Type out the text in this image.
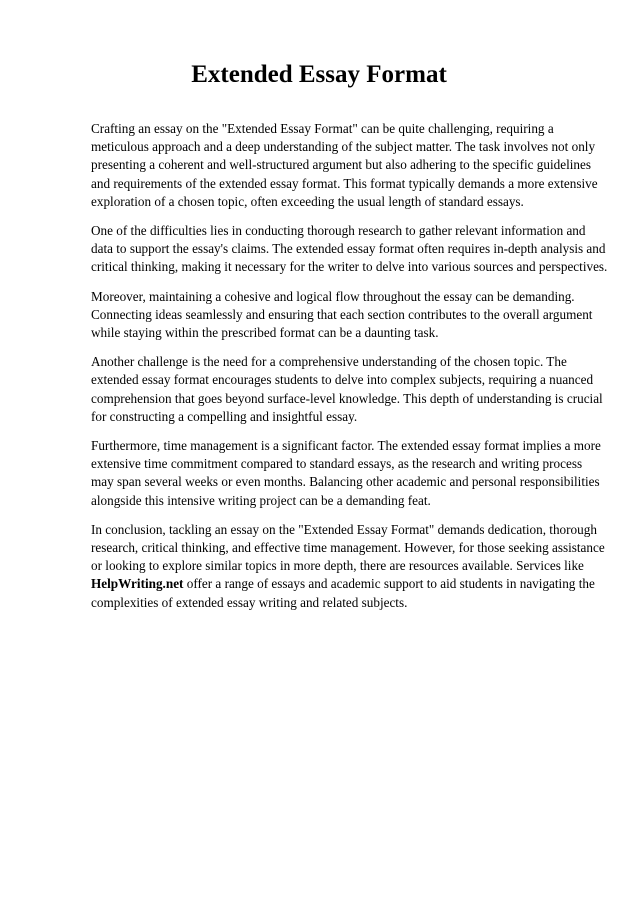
Extended Essay Format

Crafting an essay on the "Extended Essay Format" can be quite challenging, requiring a
meticulous approach and a deep understanding of the subject matter. The task involves not only
presenting a coherent and well-structured argument but also adhering to the specific guidelines
and requirements of the extended essay format. This format typically demands a more extensive
exploration of a chosen topic, often exceeding the usual length of standard essays.

One of the difficulties lies in conducting thorough research to gather relevant information and
data to support the essay's claims. The extended essay format often requires in-depth analysis and
critical thinking, making it necessary for the writer to delve into various sources and perspectives.

Moreover, maintaining a cohesive and logical flow throughout the essay can be demanding.
Connecting ideas seamlessly and ensuring that each section contributes to the overall argument
while staying within the prescribed format can be a daunting task.

Another challenge is the need for a comprehensive understanding of the chosen topic. The
extended essay format encourages students to delve into complex subjects, requiring a nuanced
comprehension that goes beyond surface-level knowledge. This depth of understanding is crucial
for constructing a compelling and insightful essay.

Furthermore, time management is a significant factor. The extended essay format implies a more
extensive time commitment compared to standard essays, as the research and writing process
may span several weeks or even months. Balancing other academic and personal responsibilities
alongside this intensive writing project can be a demanding feat.

In conclusion, tackling an essay on the "Extended Essay Format" demands dedication, thorough
research, critical thinking, and effective time management. However, for those seeking assistance
or looking to explore similar topics in more depth, there are resources available. Services like
HelpWriting.net offer a range of essays and academic support to aid students in navigating the
complexities of extended essay writing and related subjects.
